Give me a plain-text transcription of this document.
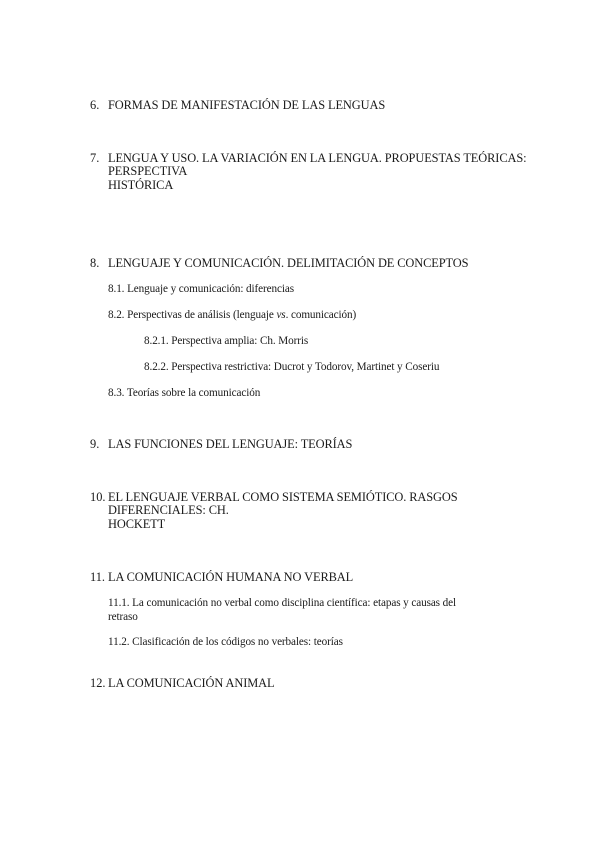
6. FORMAS DE MANIFESTACIÓN DE LAS LENGUAS
7. LENGUA Y USO. LA VARIACIÓN EN LA LENGUA. PROPUESTAS TEÓRICAS:
PERSPECTIVA
HISTÓRICA
8. LENGUAJE Y COMUNICACIÓN. DELIMITACIÓN DE CONCEPTOS
8.1. Lenguaje y comunicación: diferencias
8.2. Perspectivas de análisis (lenguaje vs. comunicación)
8.2.1. Perspectiva amplia: Ch. Morris
8.2.2. Perspectiva restrictiva: Ducrot y Todorov, Martinet y Coseriu
8.3. Teorías sobre la comunicación
9. LAS FUNCIONES DEL LENGUAJE: TEORÍAS
10. EL LENGUAJE VERBAL COMO SISTEMA SEMIÓTICO. RASGOS
DIFERENCIALES: CH.
HOCKETT
11. LA COMUNICACIÓN HUMANA NO VERBAL
11.1. La comunicación no verbal como disciplina científica: etapas y causas del
retraso
11.2. Clasificación de los códigos no verbales: teorías
12. LA COMUNICACIÓN ANIMAL
